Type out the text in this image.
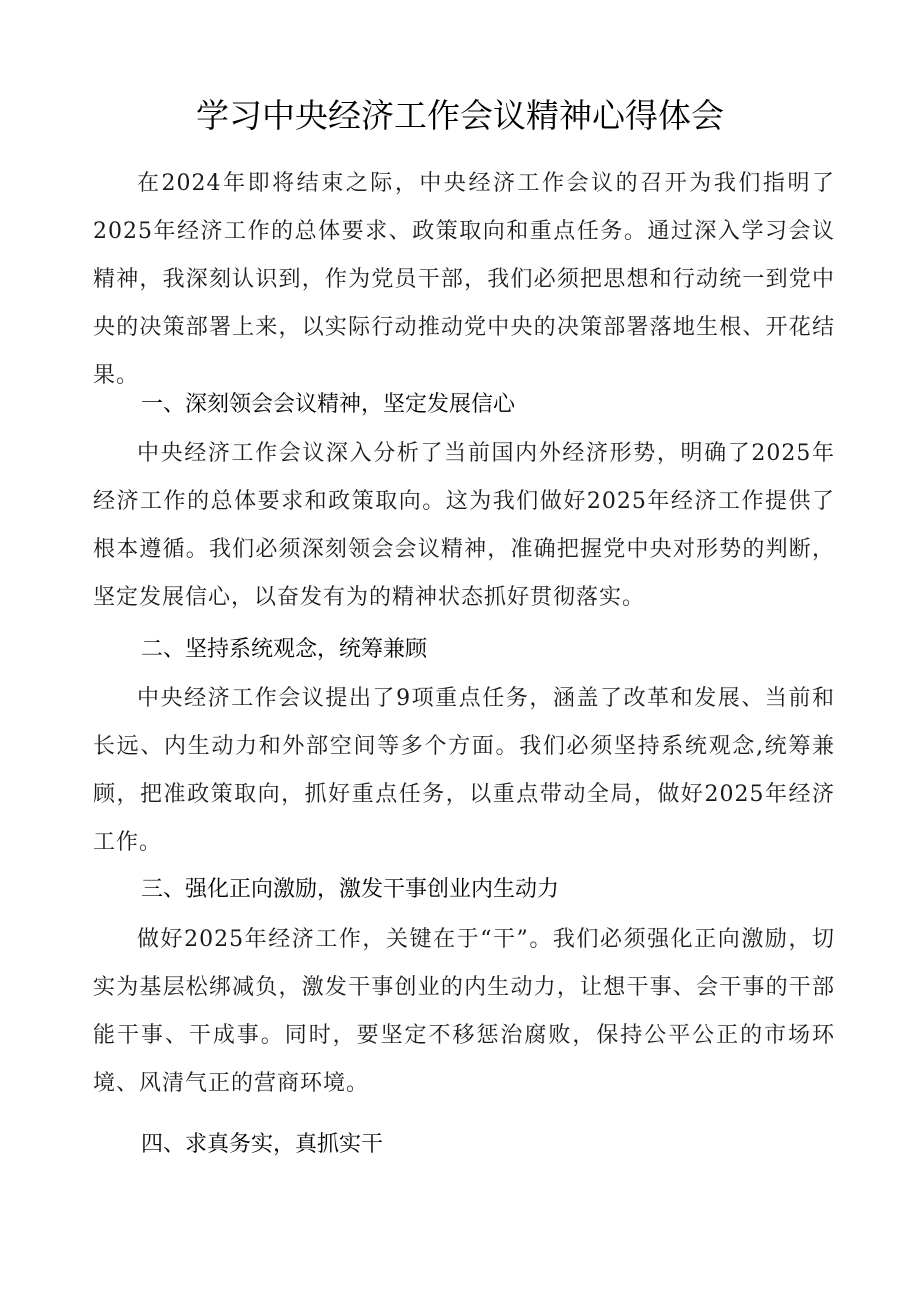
学习中央经济工作会议精神心得体会

在2024年即将结束之际，中央经济工作会议的召开为我们指明了2025年经济工作的总体要求、政策取向和重点任务。通过深入学习会议精神，我深刻认识到，作为党员干部，我们必须把思想和行动统一到党中央的决策部署上来，以实际行动推动党中央的决策部署落地生根、开花结果。

一、深刻领会会议精神，坚定发展信心

中央经济工作会议深入分析了当前国内外经济形势，明确了2025年经济工作的总体要求和政策取向。这为我们做好2025年经济工作提供了根本遵循。我们必须深刻领会会议精神，准确把握党中央对形势的判断，坚定发展信心，以奋发有为的精神状态抓好贯彻落实。

二、坚持系统观念，统筹兼顾

中央经济工作会议提出了9项重点任务，涵盖了改革和发展、当前和长远、内生动力和外部空间等多个方面。我们必须坚持系统观念,统筹兼顾，把准政策取向，抓好重点任务，以重点带动全局，做好2025年经济工作。

三、强化正向激励，激发干事创业内生动力

做好2025年经济工作，关键在于“干”。我们必须强化正向激励，切实为基层松绑减负，激发干事创业的内生动力，让想干事、会干事的干部能干事、干成事。同时，要坚定不移惩治腐败，保持公平公正的市场环境、风清气正的营商环境。

四、求真务实，真抓实干
